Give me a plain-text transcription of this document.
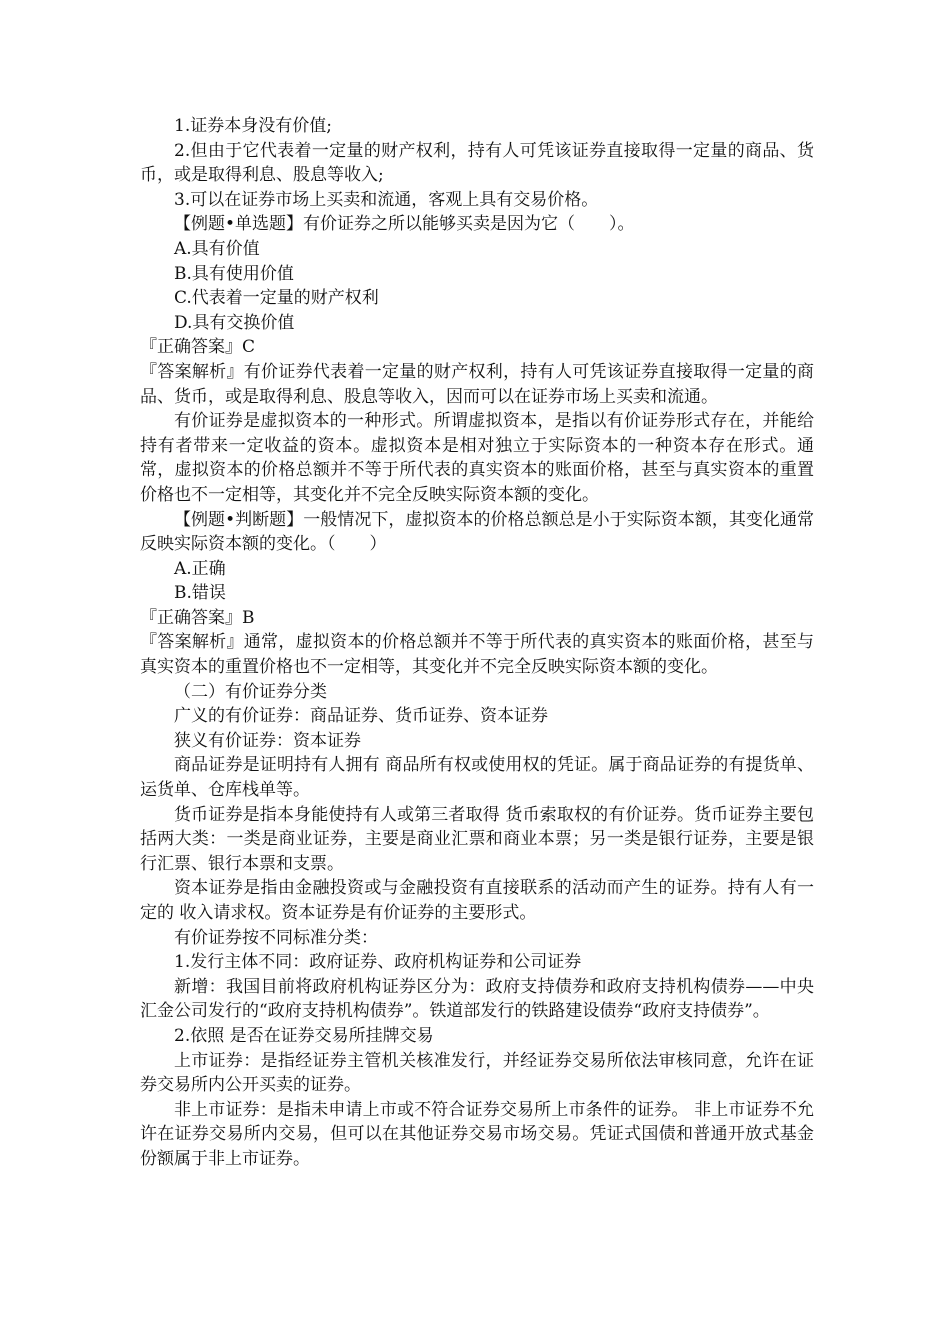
1.证券本身没有价值;

2.但由于它代表着一定量的财产权利，持有人可凭该证券直接取得一定量的商品、货币，或是取得利息、股息等收入;

3.可以在证券市场上买卖和流通，客观上具有交易价格。

【例题•单选题】有价证券之所以能够买卖是因为它（　　）。

A.具有价值

B.具有使用价值

C.代表着一定量的财产权利

D.具有交换价值

『正确答案』C

『答案解析』有价证券代表着一定量的财产权利，持有人可凭该证券直接取得一定量的商品、货币，或是取得利息、股息等收入，因而可以在证券市场上买卖和流通。

有价证券是虚拟资本的一种形式。所谓虚拟资本，是指以有价证券形式存在，并能给持有者带来一定收益的资本。虚拟资本是相对独立于实际资本的一种资本存在形式。通常，虚拟资本的价格总额并不等于所代表的真实资本的账面价格，甚至与真实资本的重置价格也不一定相等，其变化并不完全反映实际资本额的变化。

【例题•判断题】一般情况下，虚拟资本的价格总额总是小于实际资本额，其变化通常反映实际资本额的变化。（　　）

A.正确

B.错误

『正确答案』B

『答案解析』通常，虚拟资本的价格总额并不等于所代表的真实资本的账面价格，甚至与真实资本的重置价格也不一定相等，其变化并不完全反映实际资本额的变化。

（二）有价证券分类

广义的有价证券：商品证券、货币证券、资本证券

狭义有价证券：资本证券

商品证券是证明持有人拥有 商品所有权或使用权的凭证。属于商品证券的有提货单、运货单、仓库栈单等。

货币证券是指本身能使持有人或第三者取得 货币索取权的有价证券。货币证券主要包括两大类：一类是商业证券，主要是商业汇票和商业本票；另一类是银行证券，主要是银行汇票、银行本票和支票。

资本证券是指由金融投资或与金融投资有直接联系的活动而产生的证券。持有人有一定的 收入请求权。资本证券是有价证券的主要形式。

有价证券按不同标准分类：

1.发行主体不同：政府证券、政府机构证券和公司证券

新增：我国目前将政府机构证券区分为：政府支持债券和政府支持机构债券——中央汇金公司发行的“政府支持机构债券”。铁道部发行的铁路建设债券“政府支持债券”。

2.依照 是否在证券交易所挂牌交易

上市证券：是指经证券主管机关核准发行，并经证券交易所依法审核同意，允许在证券交易所内公开买卖的证券。

非上市证券：是指未申请上市或不符合证券交易所上市条件的证券。 非上市证券不允许在证券交易所内交易，但可以在其他证券交易市场交易。凭证式国债和普通开放式基金份额属于非上市证券。
